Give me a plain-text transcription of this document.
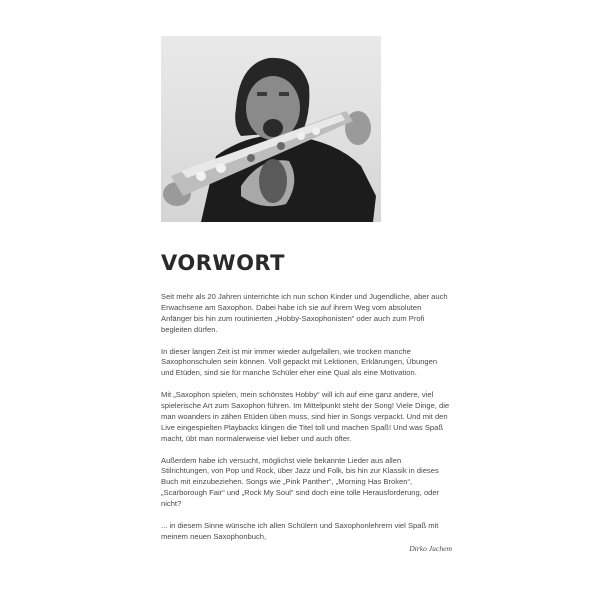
VORWORT

Seit mehr als 20 Jahren unterrichte ich nun schon Kinder und Jugendliche, aber auch Erwachsene am Saxophon. Dabei habe ich sie auf ihrem Weg vom absoluten Anfänger bis hin zum routinierten „Hobby-Saxophonisten“ oder auch zum Profi begleiten dürfen.

In dieser langen Zeit ist mir immer wieder aufgefallen, wie trocken manche Saxophonschulen sein können. Voll gepackt mit Lektionen, Erklärungen, Übungen und Etüden, sind sie für manche Schüler eher eine Qual als eine Motivation.

Mit „Saxophon spielen, mein schönstes Hobby“ will ich auf eine ganz andere, viel spielerische Art zum Saxophon führen. Im Mittelpunkt steht der Song! Viele Dinge, die man woanders in zähen Etüden üben muss, sind hier in Songs verpackt. Und mit den Live eingespielten Playbacks klingen die Titel toll und machen Spaß! Und was Spaß macht, übt man normalerweise viel lieber und auch öfter.

Außerdem habe ich versucht, möglichst viele bekannte Lieder aus allen Stilrichtungen, von Pop und Rock, über Jazz und Folk, bis hin zur Klassik in dieses Buch mit einzubeziehen. Songs wie „Pink Panther“, „Morning Has Broken“, „Scarborough Fair“ und „Rock My Soul“ sind doch eine tolle Herausforderung, oder nicht?

... in diesem Sinne wünsche ich allen Schülern und Saxophonlehrern viel Spaß mit meinem neuen Saxophonbuch,

Dirko Juchem
